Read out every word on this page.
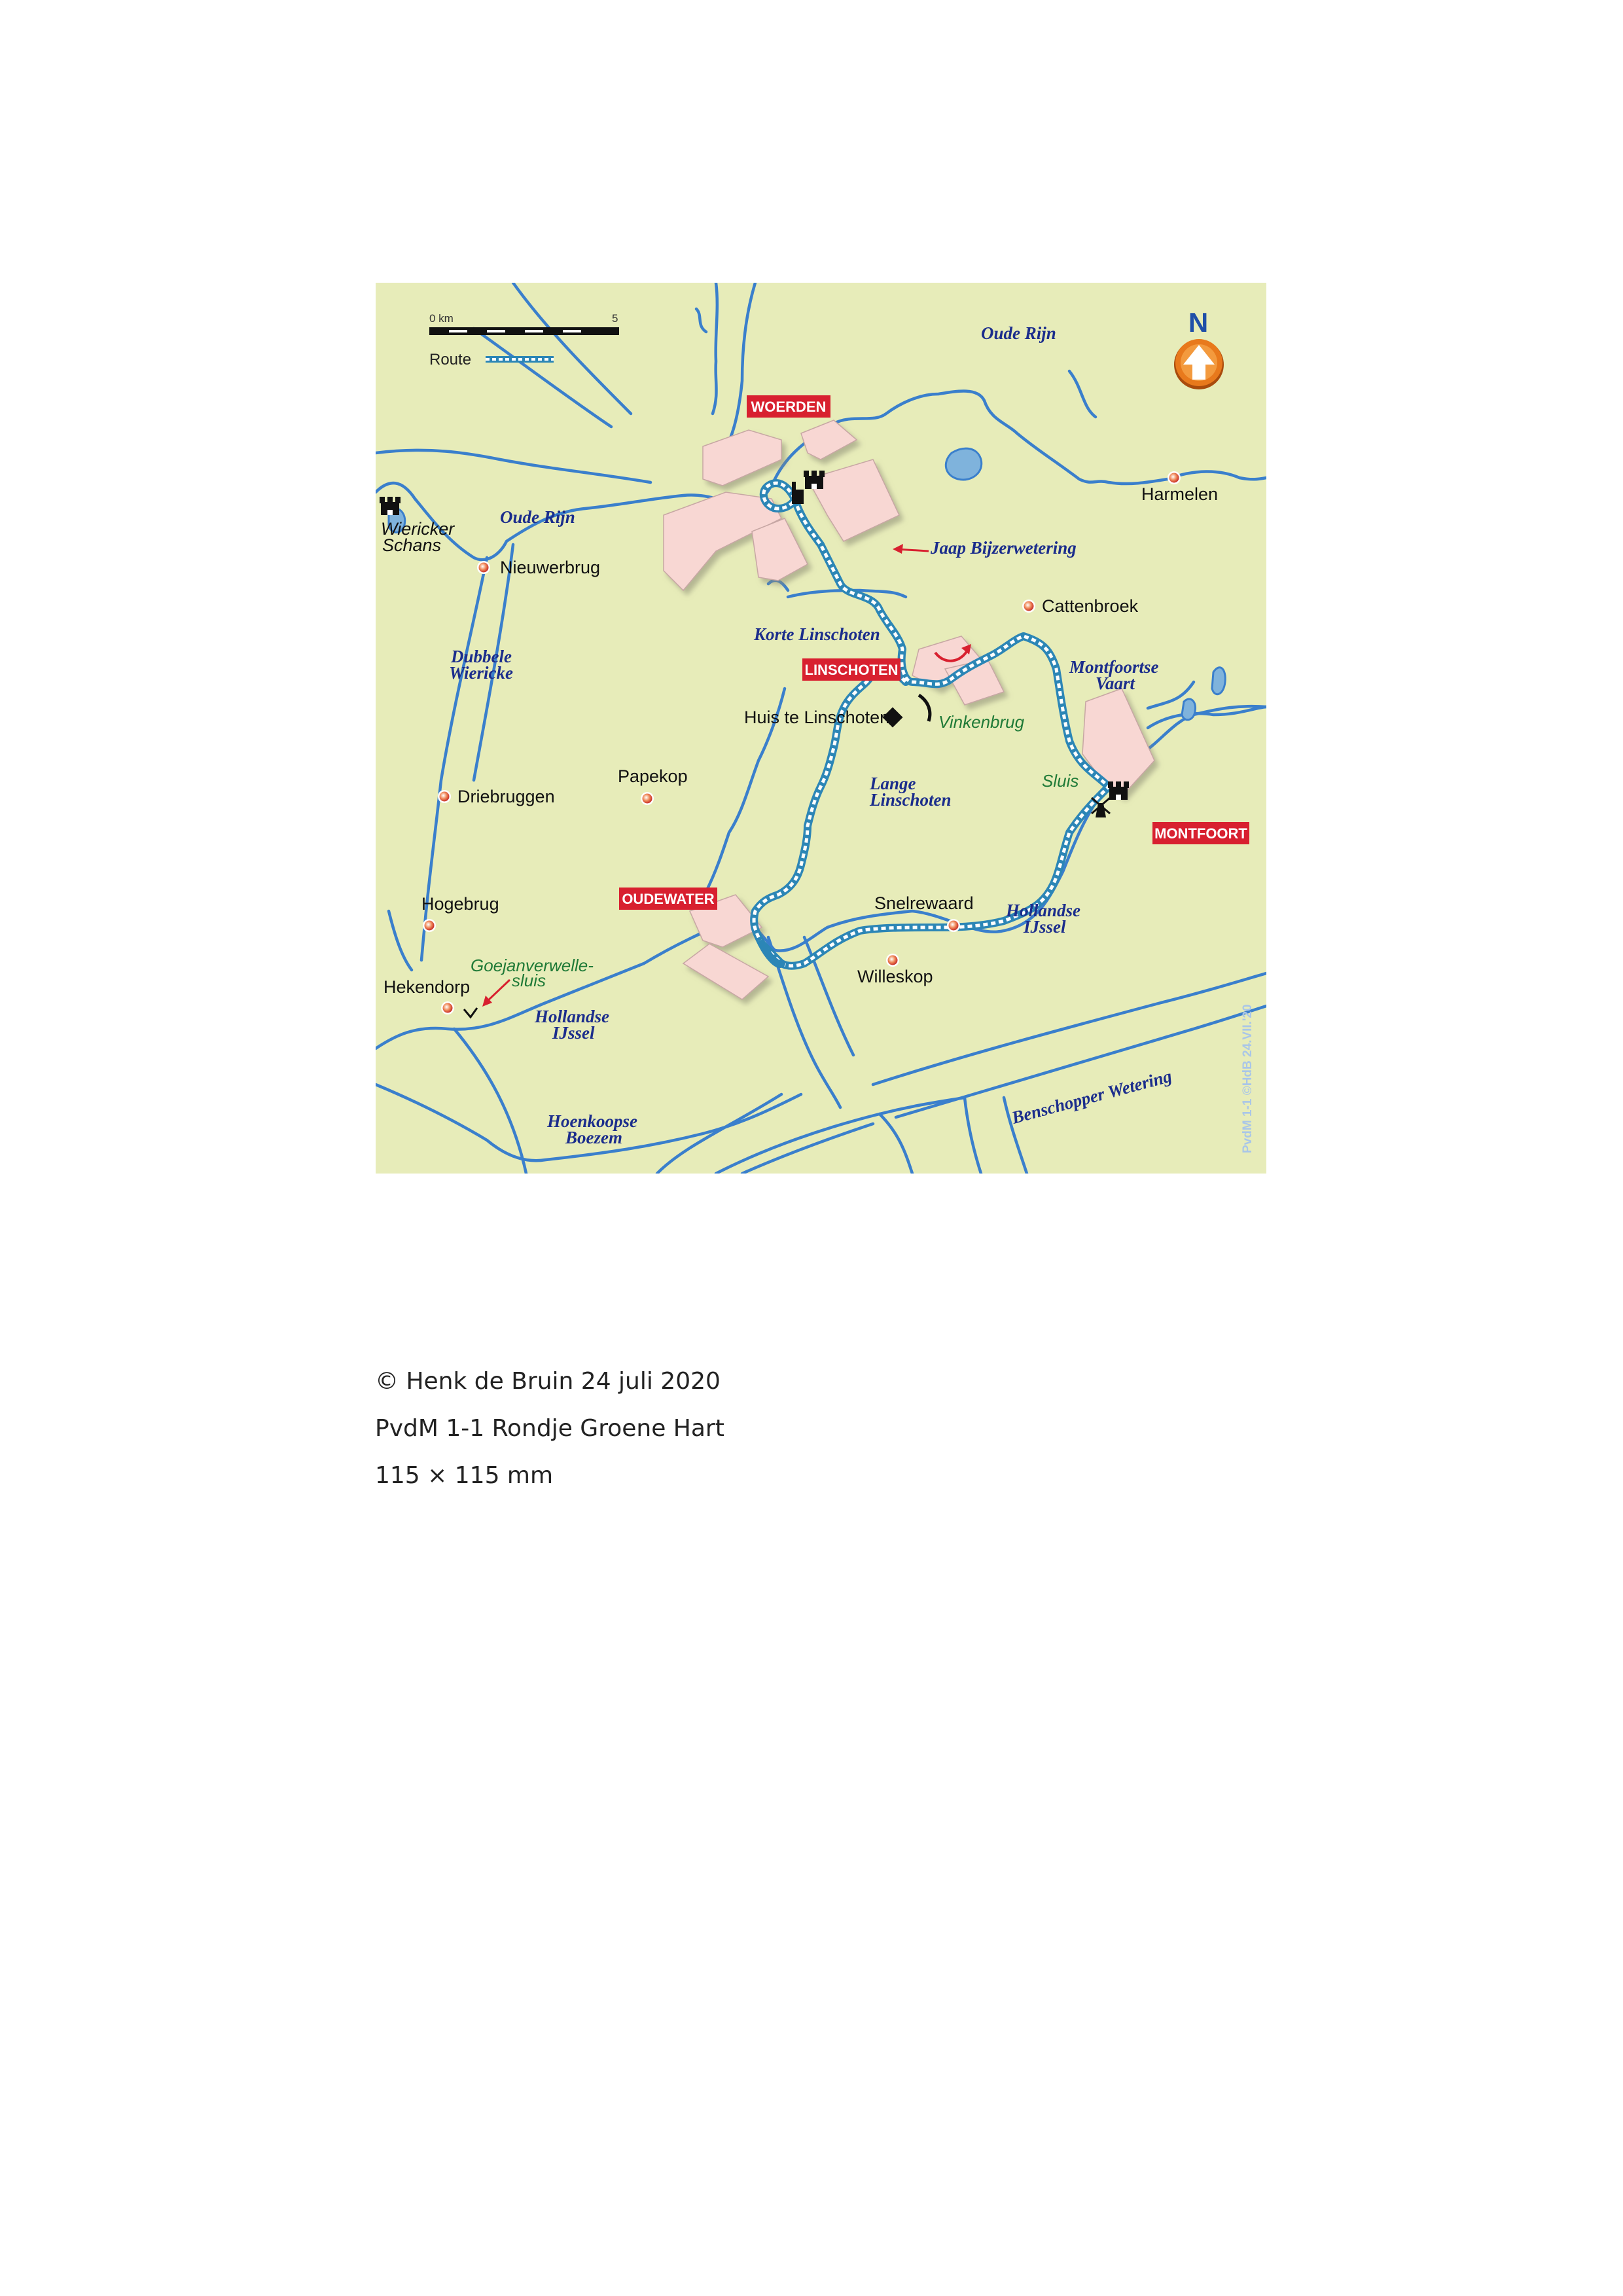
0 km	5
Route
N
WOERDEN
LINSCHOTEN
OUDEWATER
MONTFOORT
Harmelen
Nieuwerbrug
Cattenbroek
Papekop
Driebruggen
Hogebrug
Hekendorp
Snelrewaard
Willeskop
Huis te Linschoten
Wiericker
Schans
Oude Rijn
Oude Rijn
Jaap Bijzerwetering
Korte Linschoten
Dubbele
Wiericke	Montfoortse
Vaart
Lange
Linschoten
Hollandse
IJssel
Hollandse
IJssel
Hoenkoopse
Boezem
Benschopper Wetering
Vinkenbrug
Sluis
Goejanverwelle-
sluis
PvdM 1-1 ©HdB 24.VII.'20
© Henk de Bruin 24 juli 2020
PvdM 1-1 Rondje Groene Hart
115 × 115 mm
